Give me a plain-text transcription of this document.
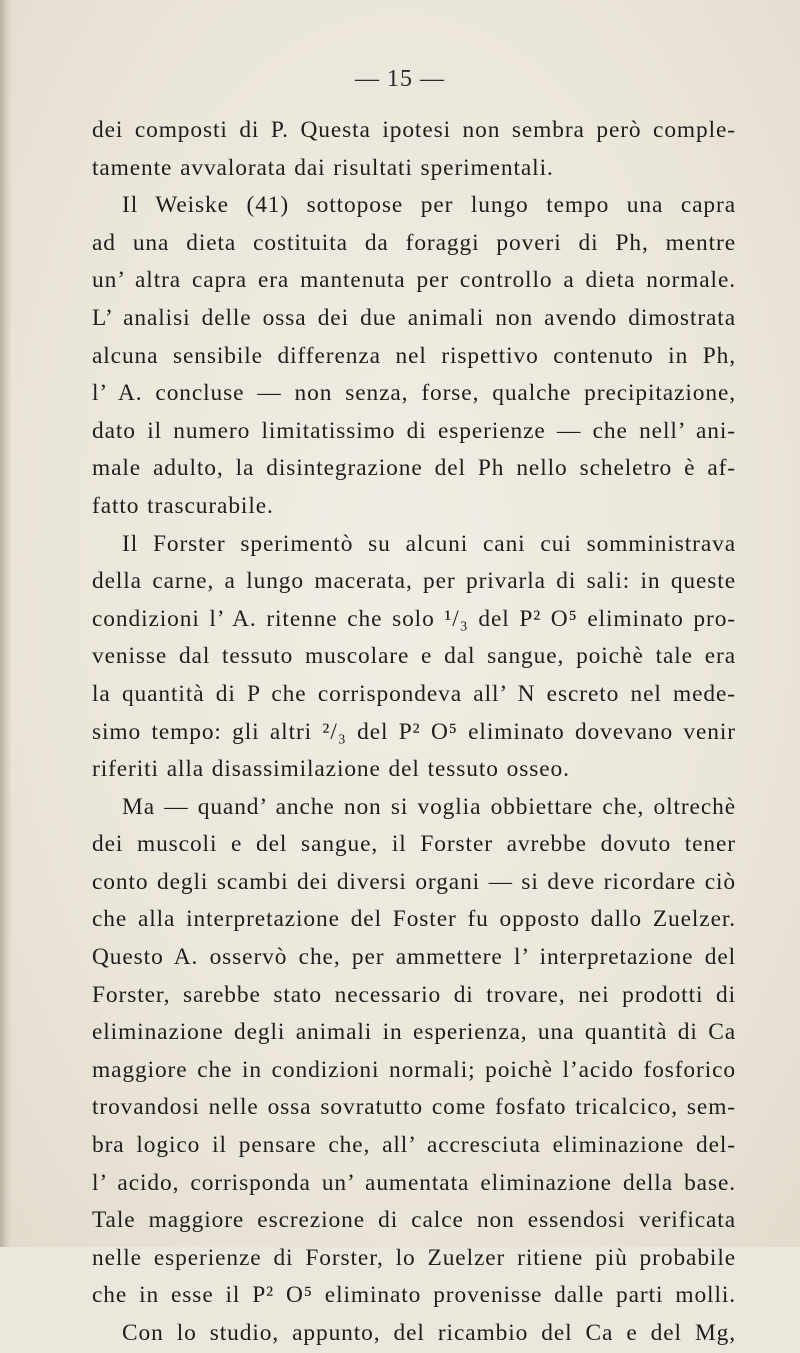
— 15 —
dei composti di P. Questa ipotesi non sembra però comple-
tamente avvalorata dai risultati sperimentali.
Il Weiske (41) sottopose per lungo tempo una capra
ad una dieta costituita da foraggi poveri di Ph, mentre
un’ altra capra era mantenuta per controllo a dieta normale.
L’ analisi delle ossa dei due animali non avendo dimostrata
alcuna sensibile differenza nel rispettivo contenuto in Ph,
l’ A. concluse — non senza, forse, qualche precipitazione,
dato il numero limitatissimo di esperienze — che nell’ ani-
male adulto, la disintegrazione del Ph nello scheletro è af-
fatto trascurabile.
Il Forster sperimentò su alcuni cani cui somministrava
della carne, a lungo macerata, per privarla di sali: in queste
condizioni l’ A. ritenne che solo ¹/₃ del P² O⁵ eliminato pro-
venisse dal tessuto muscolare e dal sangue, poichè tale era
la quantità di P che corrispondeva all’ N escreto nel mede-
simo tempo: gli altri ²/₃ del P² O⁵ eliminato dovevano venir
riferiti alla disassimilazione del tessuto osseo.
Ma — quand’ anche non si voglia obbiettare che, oltrechè
dei muscoli e del sangue, il Forster avrebbe dovuto tener
conto degli scambi dei diversi organi — si deve ricordare ciò
che alla interpretazione del Foster fu opposto dallo Zuelzer.
Questo A. osservò che, per ammettere l’ interpretazione del
Forster, sarebbe stato necessario di trovare, nei prodotti di
eliminazione degli animali in esperienza, una quantità di Ca
maggiore che in condizioni normali; poichè l’acido fosforico
trovandosi nelle ossa sovratutto come fosfato tricalcico, sem-
bra logico il pensare che, all’ accresciuta eliminazione del-
l’ acido, corrisponda un’ aumentata eliminazione della base.
Tale maggiore escrezione di calce non essendosi verificata
nelle esperienze di Forster, lo Zuelzer ritiene più probabile
che in esse il P² O⁵ eliminato provenisse dalle parti molli.
Con lo studio, appunto, del ricambio del Ca e del Mg,
